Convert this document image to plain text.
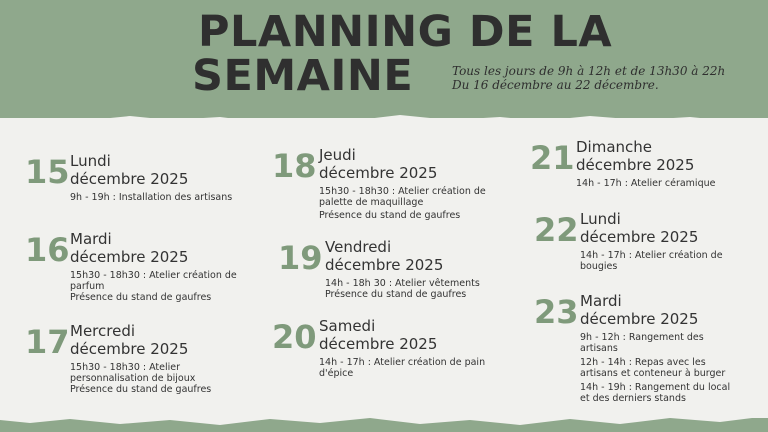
PLANNING DE LA
SEMAINE	Tous les jours de 9h à 12h et de 13h30 à 22h
Du 16 décembre au 22 décembre.
15 Lundi
décembre 2025
9h - 19h : Installation des artisans
16 Mardi
décembre 2025
15h30 - 18h30 : Atelier création de parfum
Présence du stand de gaufres
17 Mercredi
décembre 2025
15h30 - 18h30 : Atelier personnalisation de bijoux
Présence du stand de gaufres
18 Jeudi
décembre 2025
15h30 - 18h30 : Atelier création de palette de maquillage
Présence du stand de gaufres
19 Vendredi
décembre 2025
14h - 18h 30 : Atelier vêtements
Présence du stand de gaufres
20 Samedi
décembre 2025
14h - 17h : Atelier création de pain d'épice
21 Dimanche
décembre 2025
14h - 17h : Atelier céramique
22 Lundi
décembre 2025
14h - 17h : Atelier création de bougies
23 Mardi
décembre 2025
9h - 12h : Rangement des artisans
12h - 14h : Repas avec les artisans et conteneur à burger
14h - 19h : Rangement du local et des derniers stands
